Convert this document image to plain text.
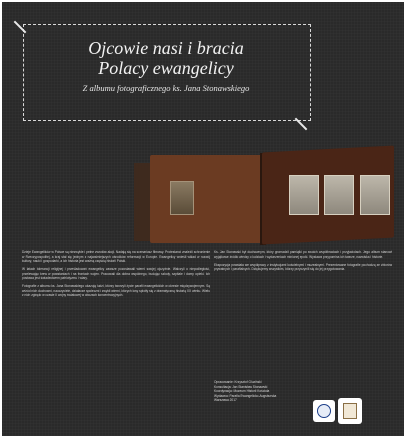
Ojcowie nasi i bracia
Polacy ewangelicy
Z albumu fotograficznego ks. Jana Stonawskiego

Dzieje Ewangelików w Polsce są niezwykłe i pełne zwrotów akcji. Nadają się na scenariusz filmowy. Protestanci znaleźli schronienie w Rzeczypospolitej, a kraj stał się jednym z najważniejszych ośrodków reformacji w Europie. Ewangelicy wnieśli wkład w rozwój kultury, nauki i gospodarki, a ich historia jest ważną częścią historii Polski.

W latach tolerancji religijnej i prześladowań ewangelicy zawsze pozostawali wierni swojej ojczyźnie. Walczyli o niepodległość, przelewając krew w powstaniach i na frontach wojen. Pracowali dla dobra wspólnego, budując szkoły, szpitale i domy opieki. Ich postawa jest świadectwem patriotyzmu i wiary.

Fotografie z albumu ks. Jana Stonawskiego ukazują ludzi, którzy tworzyli życie parafii ewangelickich w okresie międzywojennym. Są wśród nich duchowni, nauczyciele, działacze społeczni i zwykli wierni, których losy splotły się z dramatyczną historią XX wieku. Wielu z nich zginęło w czasie II wojny światowej w obozach koncentracyjnych.

Ks. Jan Stonawski był duchownym, który gromadził pamiątki po swoich współbraciach i przyjaciołach. Jego album stanowi wyjątkowe źródło wiedzy o ludziach i wydarzeniach minionej epoki. Wystawa przypomina ich twarze, nazwiska i historie.

Ekspozycja powstała we współpracy z instytucjami kościelnymi i muzealnymi. Prezentowane fotografie pochodzą ze zbiorów prywatnych i parafialnych. Dziękujemy wszystkim, którzy przyczynili się do jej przygotowania.

Opracowanie: Krzysztof Gluziński
Konsultacja: Jan Stanisław Stonawski
Koordynacja: Muzeum Historii Kościoła
Wydawca: Parafia Ewangelicko-Augsburska
Warszawa 2017
